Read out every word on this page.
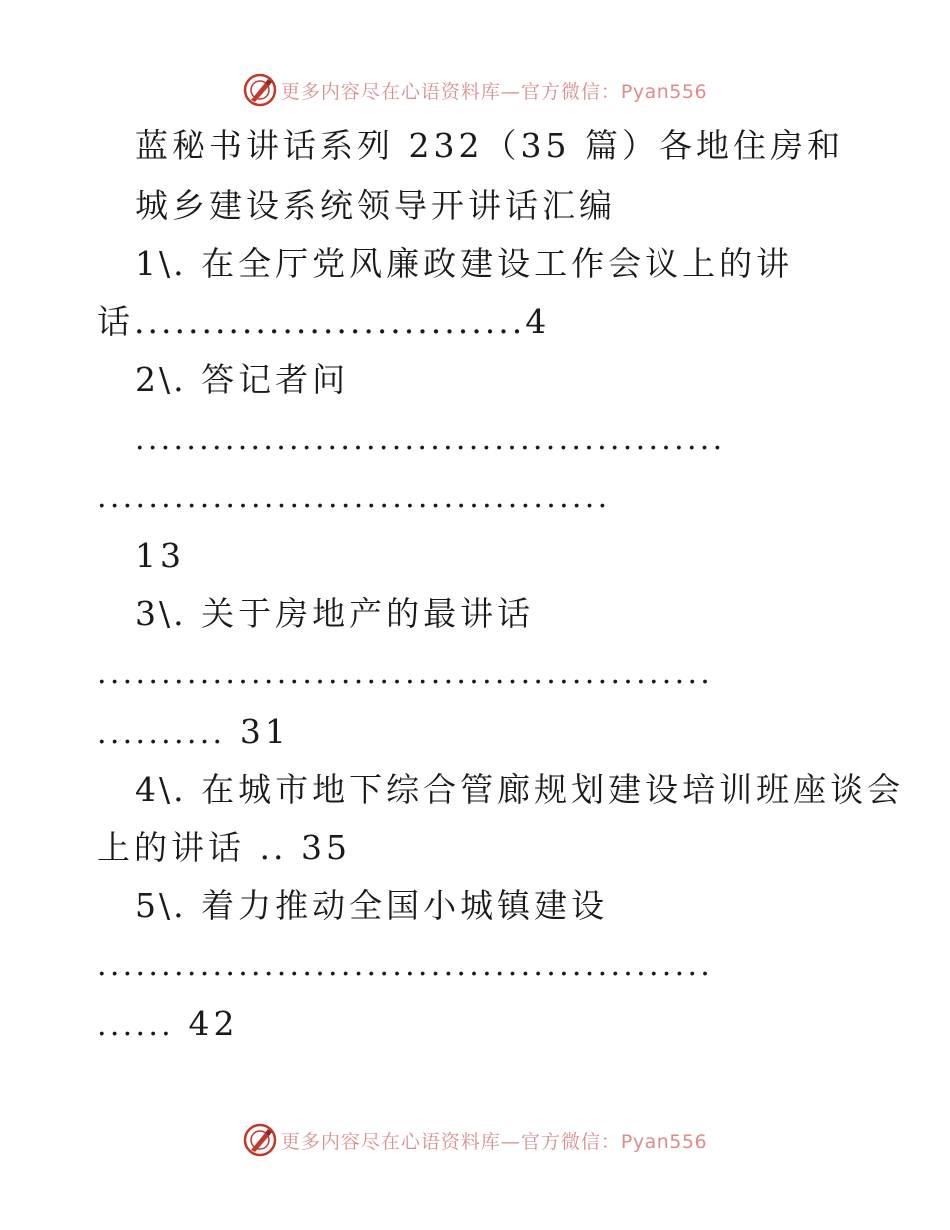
更多内容尽在心语资料库—官方微信：Pyan556
蓝秘书讲话系列 232（35 篇）各地住房和
城乡建设系统领导开讲话汇编
1\. 在全厅党风廉政建设工作会议上的讲
话.............................4
2\. 答记者问
..............................................
........................................
13
3\. 关于房地产的最讲话
................................................
.......... 31
4\. 在城市地下综合管廊规划建设培训班座谈会
上的讲话 .. 35
5\. 着力推动全国小城镇建设
................................................
...... 42
更多内容尽在心语资料库—官方微信：Pyan556
